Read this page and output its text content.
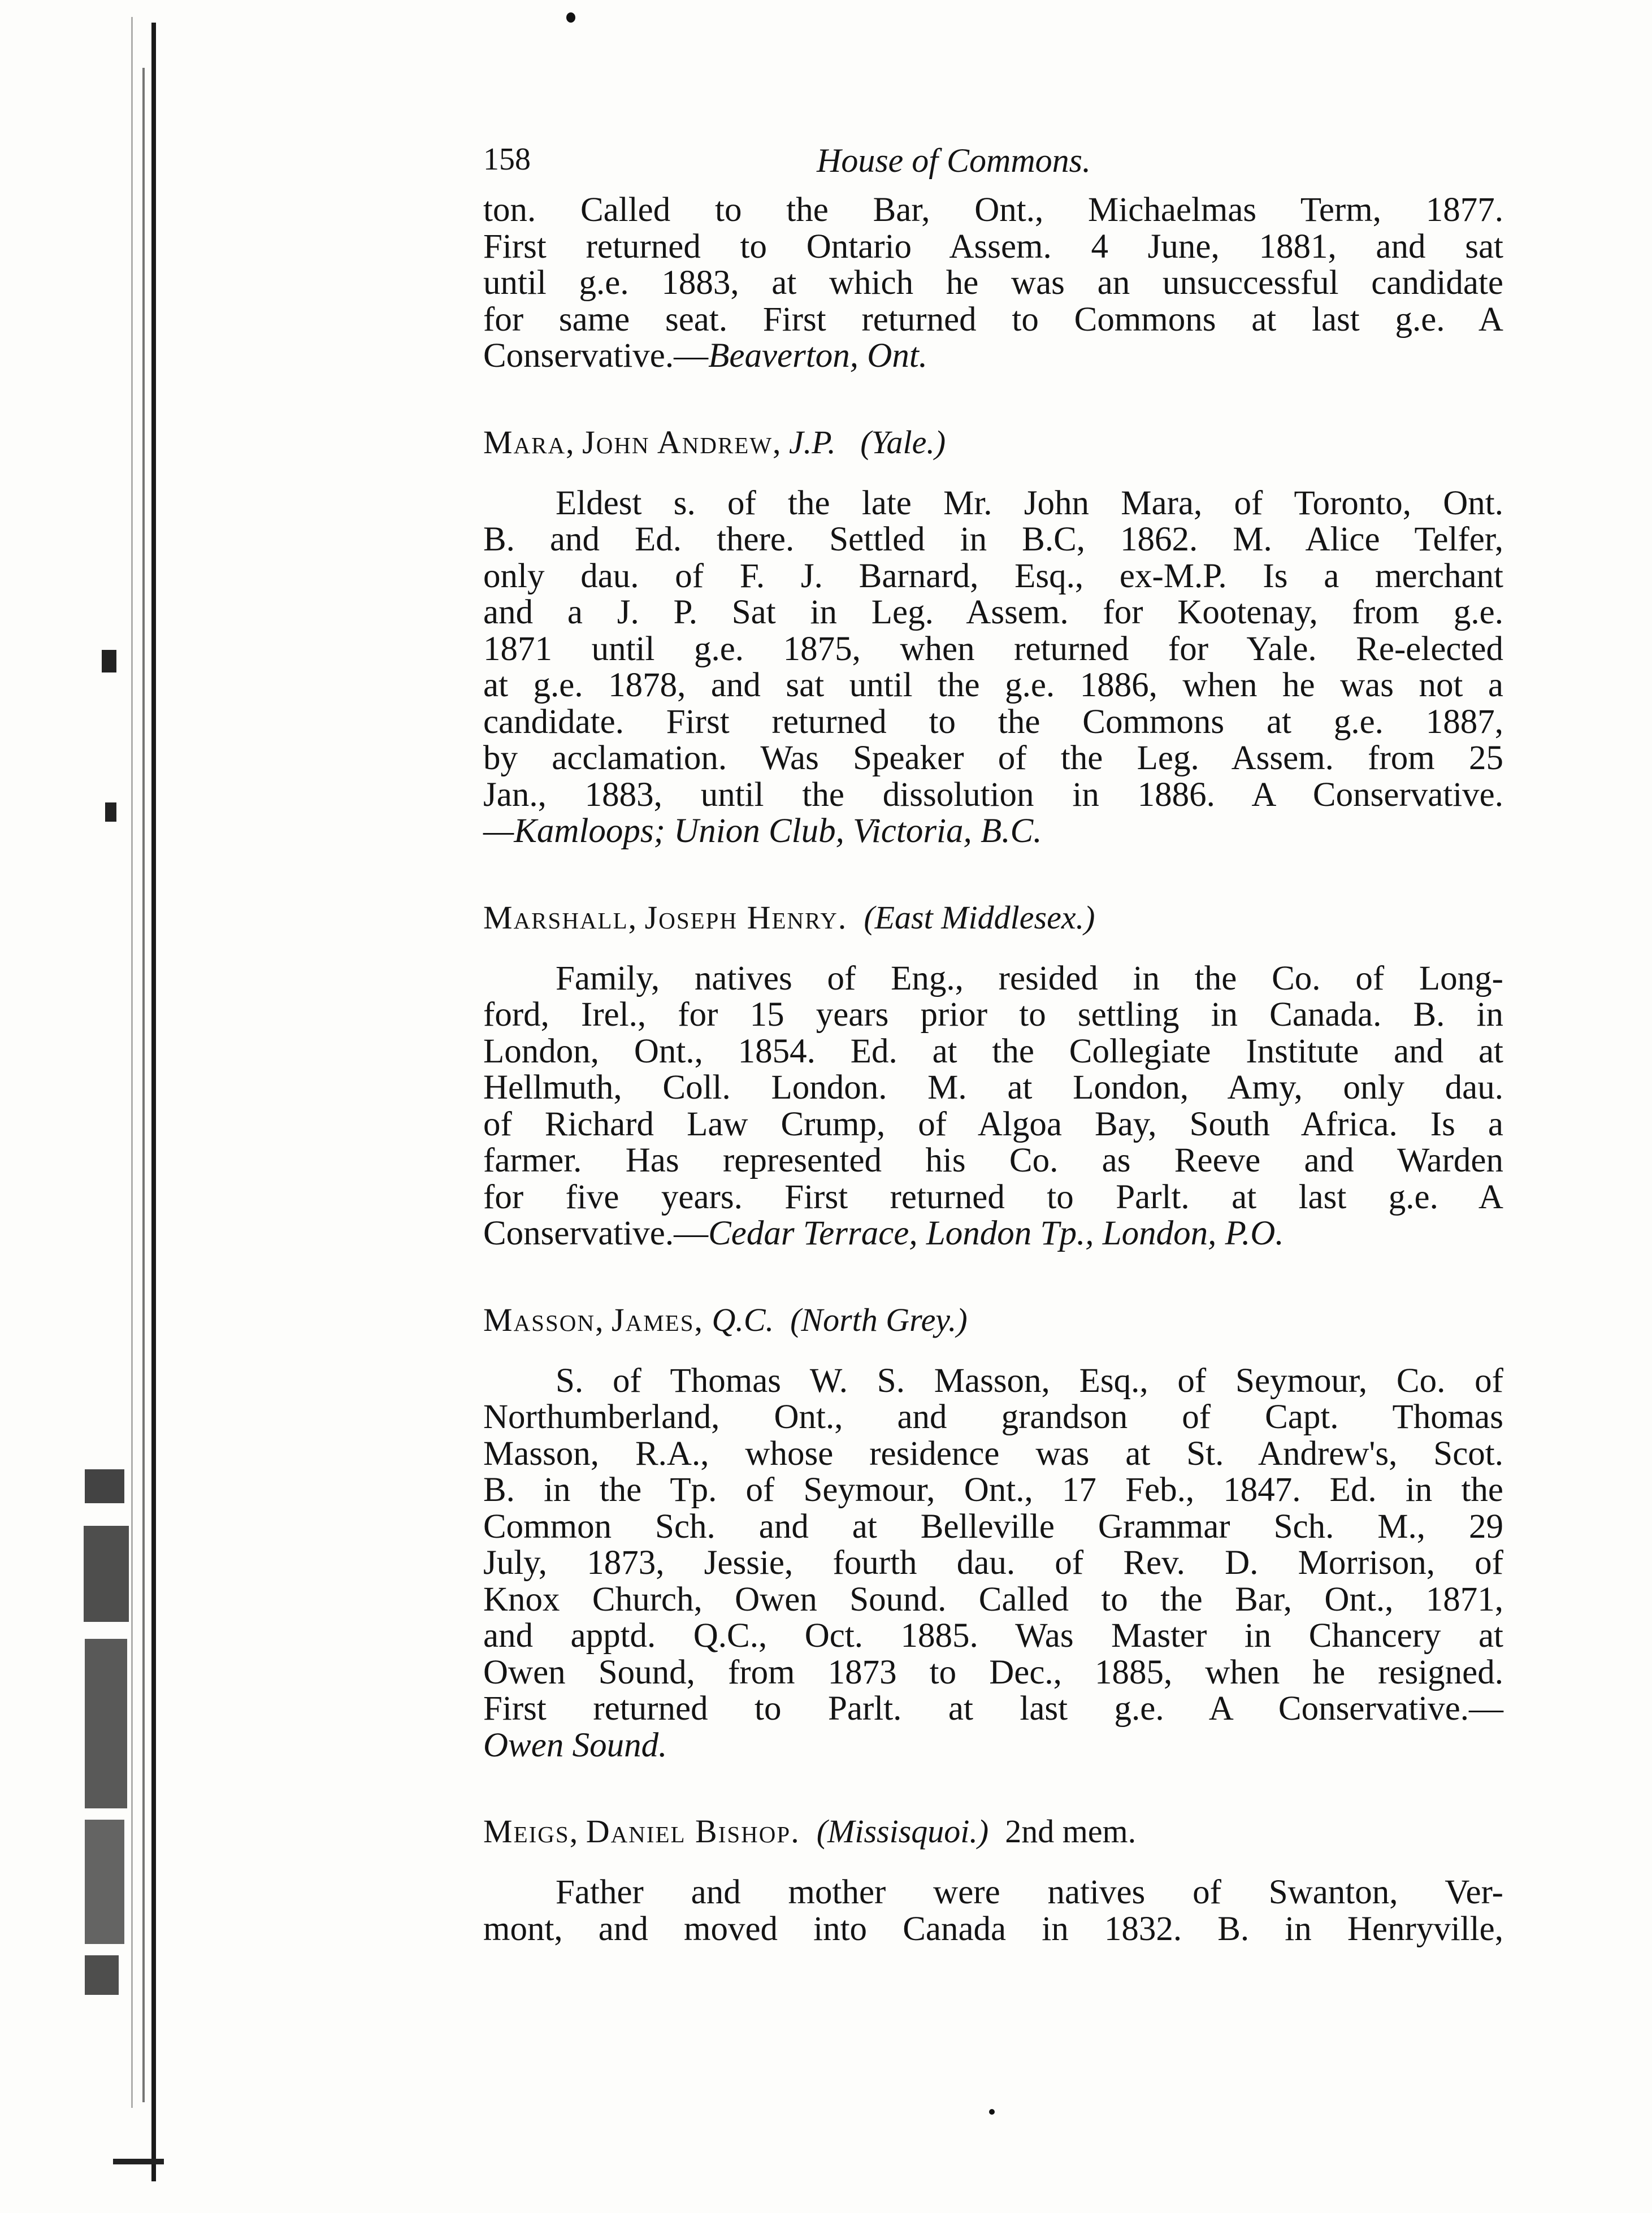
158	House of Commons.
ton. Called to the Bar, Ont., Michaelmas Term, 1877.
First returned to Ontario Assem. 4 June, 1881, and sat
until g.e. 1883, at which he was an unsuccessful candidate
for same seat. First returned to Commons at last g.e. A
Conservative.—Beaverton, Ont.

Mara, John Andrew, J.P. (Yale.)

Eldest s. of the late Mr. John Mara, of Toronto, Ont.
B. and Ed. there. Settled in B.C, 1862. M. Alice Telfer,
only dau. of F. J. Barnard, Esq., ex-M.P. Is a merchant
and a J. P. Sat in Leg. Assem. for Kootenay, from g.e.
1871 until g.e. 1875, when returned for Yale. Re-elected
at g.e. 1878, and sat until the g.e. 1886, when he was not a
candidate. First returned to the Commons at g.e. 1887,
by acclamation. Was Speaker of the Leg. Assem. from 25
Jan., 1883, until the dissolution in 1886. A Conservative.
—Kamloops; Union Club, Victoria, B.C.

Marshall, Joseph Henry. (East Middlesex.)

Family, natives of Eng., resided in the Co. of Long-
ford, Irel., for 15 years prior to settling in Canada. B. in
London, Ont., 1854. Ed. at the Collegiate Institute and at
Hellmuth, Coll. London. M. at London, Amy, only dau.
of Richard Law Crump, of Algoa Bay, South Africa. Is a
farmer. Has represented his Co. as Reeve and Warden
for five years. First returned to Parlt. at last g.e. A
Conservative.—Cedar Terrace, London Tp., London, P.O.

Masson, James, Q.C. (North Grey.)

S. of Thomas W. S. Masson, Esq., of Seymour, Co. of
Northumberland, Ont., and grandson of Capt. Thomas
Masson, R.A., whose residence was at St. Andrew's, Scot.
B. in the Tp. of Seymour, Ont., 17 Feb., 1847. Ed. in the
Common Sch. and at Belleville Grammar Sch. M., 29
July, 1873, Jessie, fourth dau. of Rev. D. Morrison, of
Knox Church, Owen Sound. Called to the Bar, Ont., 1871,
and apptd. Q.C., Oct. 1885. Was Master in Chancery at
Owen Sound, from 1873 to Dec., 1885, when he resigned.
First returned to Parlt. at last g.e. A Conservative.—
Owen Sound.

Meigs, Daniel Bishop. (Missisquoi.) 2nd mem.

Father and mother were natives of Swanton, Ver-
mont, and moved into Canada in 1832. B. in Henryville,
